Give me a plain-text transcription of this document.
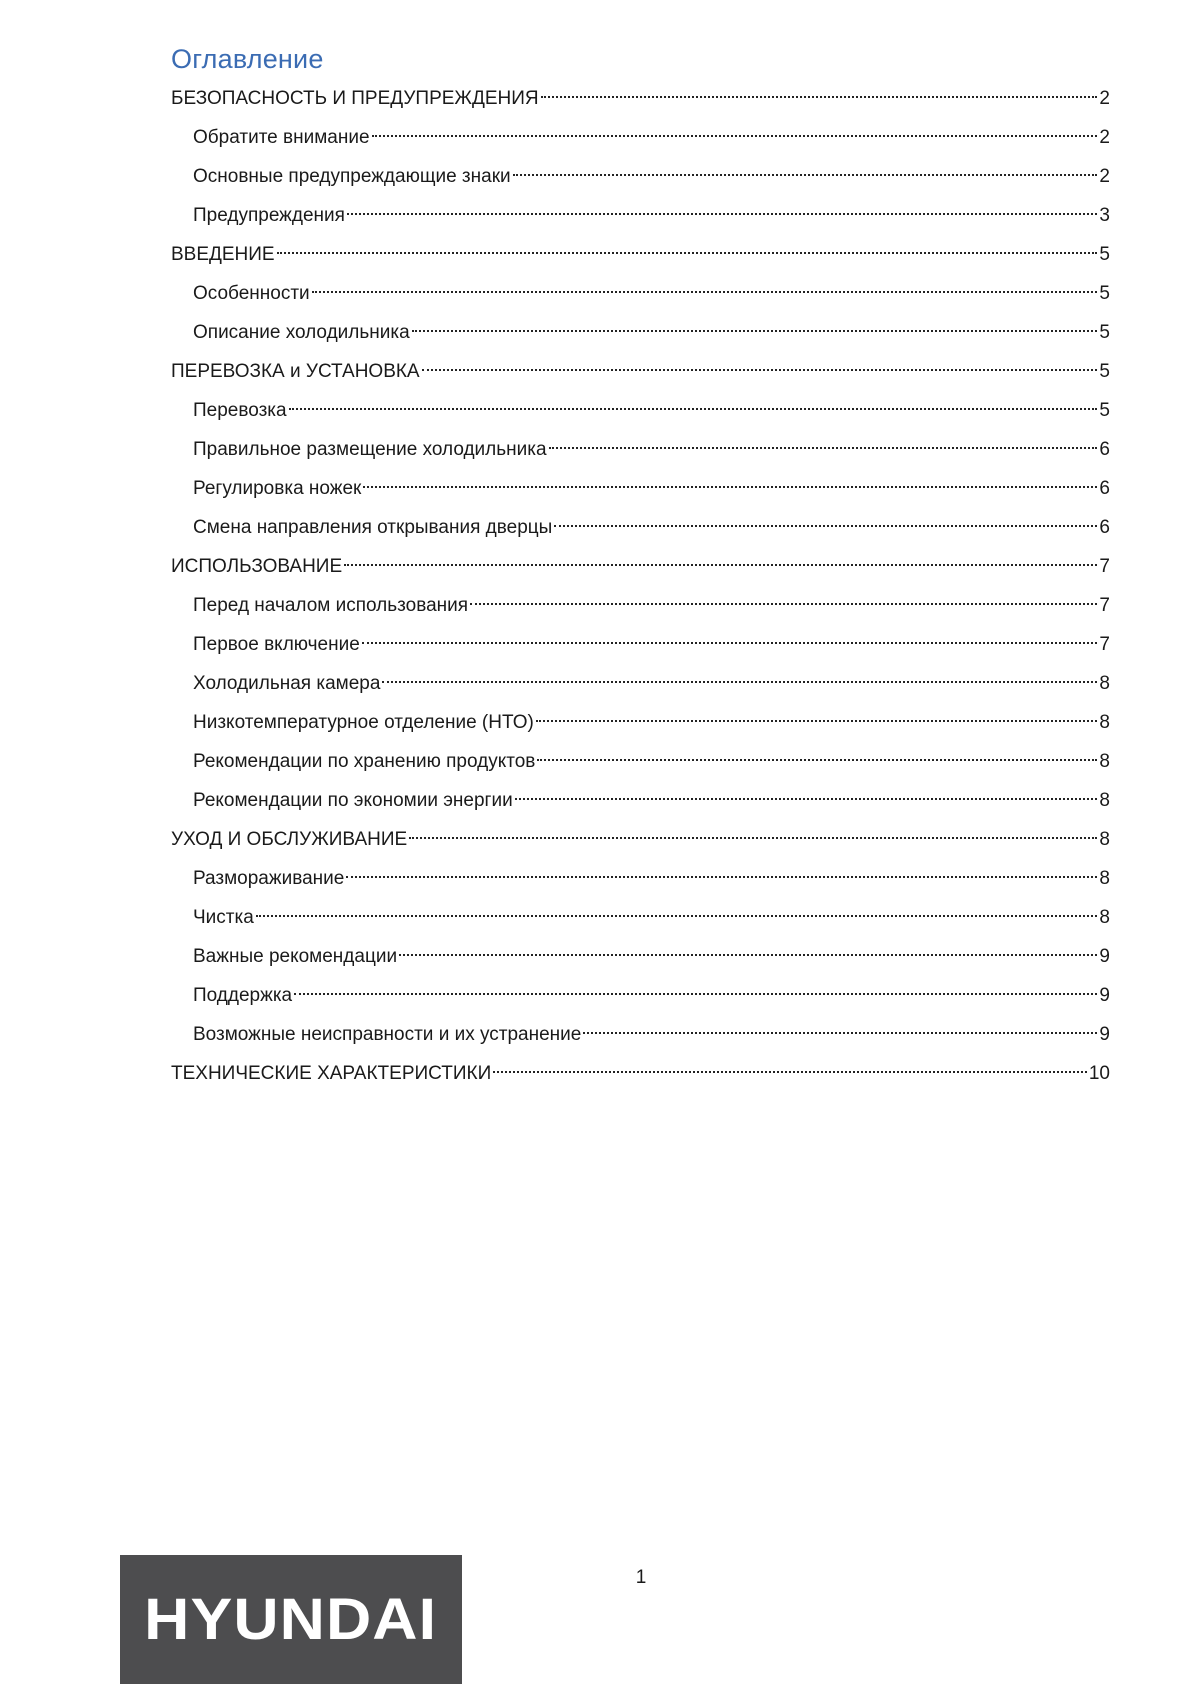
Оглавление
БЕЗОПАСНОСТЬ И ПРЕДУПРЕЖДЕНИЯ	2
Обратите внимание	2
Основные предупреждающие знаки	2
Предупреждения	3
ВВЕДЕНИЕ	5
Особенности	5
Описание холодильника	5
ПЕРЕВОЗКА и УСТАНОВКА	5
Перевозка	5
Правильное размещение холодильника	6
Регулировка ножек	6
Смена направления открывания дверцы	6
ИСПОЛЬЗОВАНИЕ	7
Перед началом использования	7
Первое включение	7
Холодильная камера	8
Низкотемпературное отделение (НТО)	8
Рекомендации по хранению продуктов	8
Рекомендации по экономии энергии	8
УХОД И ОБСЛУЖИВАНИЕ	8
Размораживание	8
Чистка	8
Важные рекомендации	9
Поддержка	9
Возможные неисправности и их устранение	9
ТЕХНИЧЕСКИЕ ХАРАКТЕРИСТИКИ	10
1
HYUNDAI
